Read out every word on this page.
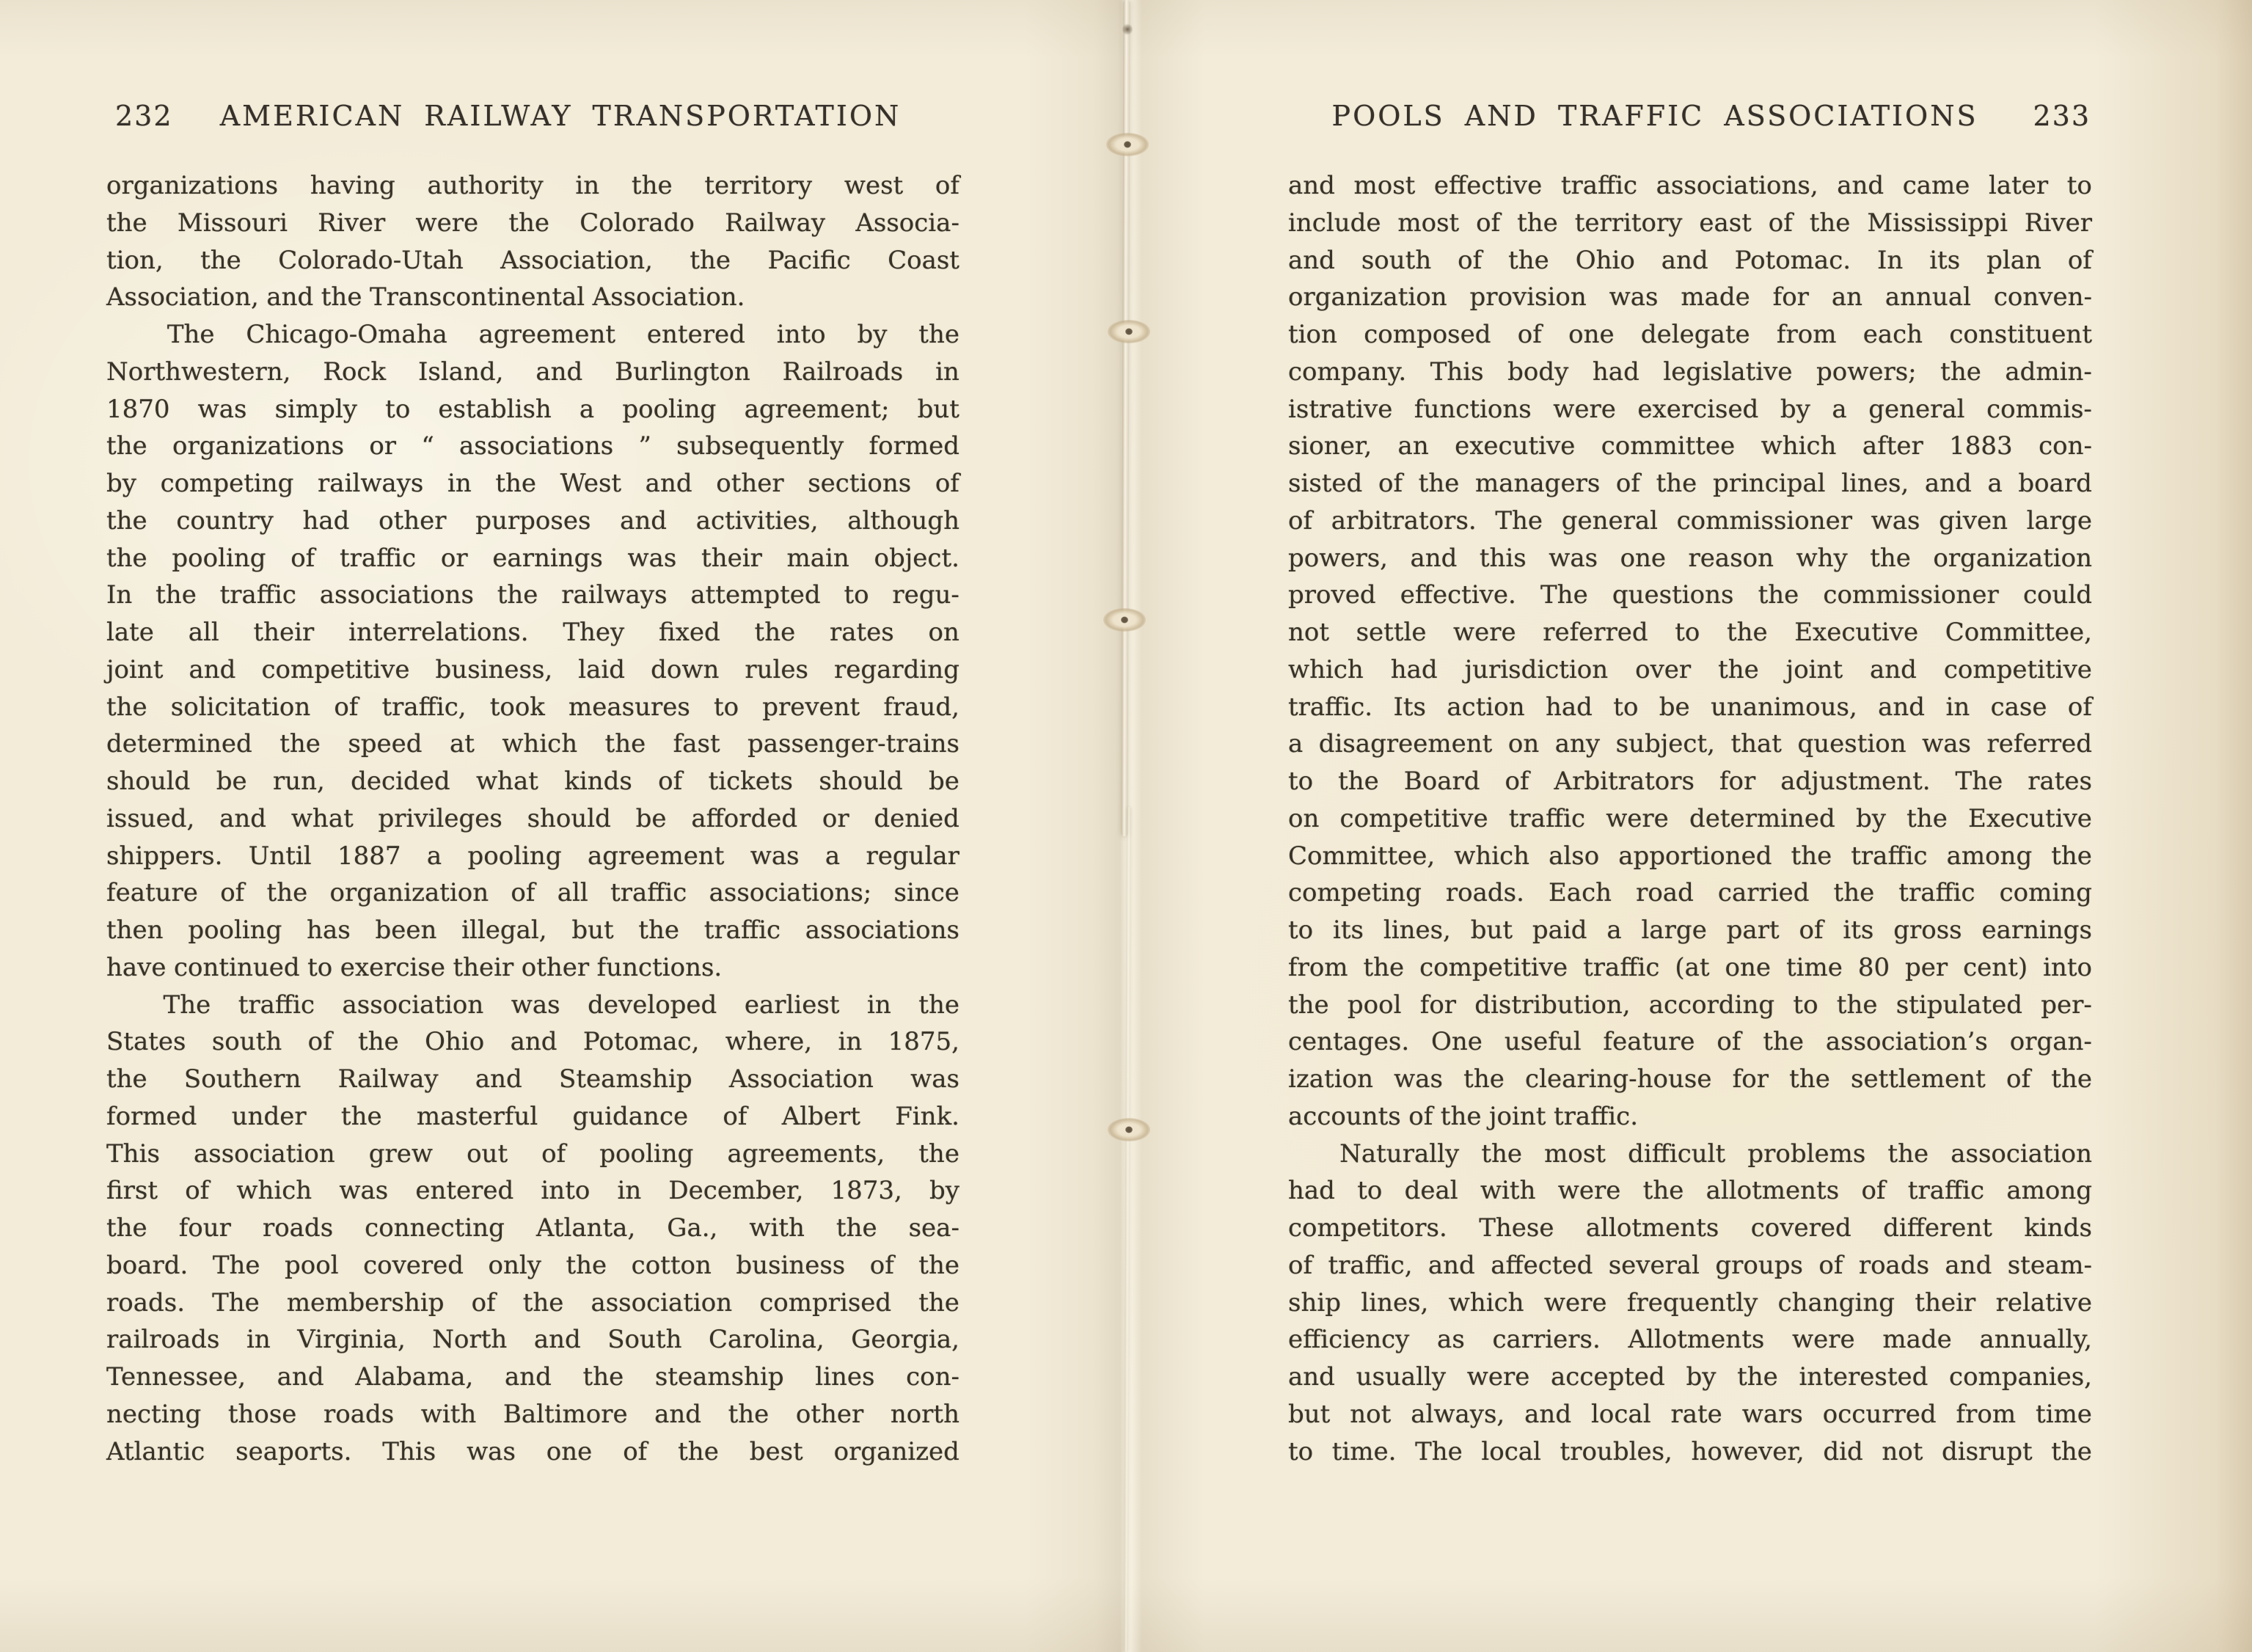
232	AMERICAN RAILWAY TRANSPORTATION	POOLS AND TRAFFIC ASSOCIATIONS	233
organizations having authority in the territory west of
the Missouri River were the Colorado Railway Associa-
tion, the Colorado-Utah Association, the Pacific Coast
Association, and the Transcontinental Association.
The Chicago-Omaha agreement entered into by the
Northwestern, Rock Island, and Burlington Railroads in
1870 was simply to establish a pooling agreement; but
the organizations or “ associations ” subsequently formed
by competing railways in the West and other sections of
the country had other purposes and activities, although
the pooling of traffic or earnings was their main object.
In the traffic associations the railways attempted to regu-
late all their interrelations. They fixed the rates on
joint and competitive business, laid down rules regarding
the solicitation of traffic, took measures to prevent fraud,
determined the speed at which the fast passenger-trains
should be run, decided what kinds of tickets should be
issued, and what privileges should be afforded or denied
shippers. Until 1887 a pooling agreement was a regular
feature of the organization of all traffic associations; since
then pooling has been illegal, but the traffic associations
have continued to exercise their other functions.
The traffic association was developed earliest in the
States south of the Ohio and Potomac, where, in 1875,
the Southern Railway and Steamship Association was
formed under the masterful guidance of Albert Fink.
This association grew out of pooling agreements, the
first of which was entered into in December, 1873, by
the four roads connecting Atlanta, Ga., with the sea-
board. The pool covered only the cotton business of the
roads. The membership of the association comprised the
railroads in Virginia, North and South Carolina, Georgia,
Tennessee, and Alabama, and the steamship lines con-
necting those roads with Baltimore and the other north
Atlantic seaports. This was one of the best organized
and most effective traffic associations, and came later to
include most of the territory east of the Mississippi River
and south of the Ohio and Potomac. In its plan of
organization provision was made for an annual conven-
tion composed of one delegate from each constituent
company. This body had legislative powers; the admin-
istrative functions were exercised by a general commis-
sioner, an executive committee which after 1883 con-
sisted of the managers of the principal lines, and a board
of arbitrators. The general commissioner was given large
powers, and this was one reason why the organization
proved effective. The questions the commissioner could
not settle were referred to the Executive Committee,
which had jurisdiction over the joint and competitive
traffic. Its action had to be unanimous, and in case of
a disagreement on any subject, that question was referred
to the Board of Arbitrators for adjustment. The rates
on competitive traffic were determined by the Executive
Committee, which also apportioned the traffic among the
competing roads. Each road carried the traffic coming
to its lines, but paid a large part of its gross earnings
from the competitive traffic (at one time 80 per cent) into
the pool for distribution, according to the stipulated per-
centages. One useful feature of the association’s organ-
ization was the clearing-house for the settlement of the
accounts of the joint traffic.
Naturally the most difficult problems the association
had to deal with were the allotments of traffic among
competitors. These allotments covered different kinds
of traffic, and affected several groups of roads and steam-
ship lines, which were frequently changing their relative
efficiency as carriers. Allotments were made annually,
and usually were accepted by the interested companies,
but not always, and local rate wars occurred from time
to time. The local troubles, however, did not disrupt the
